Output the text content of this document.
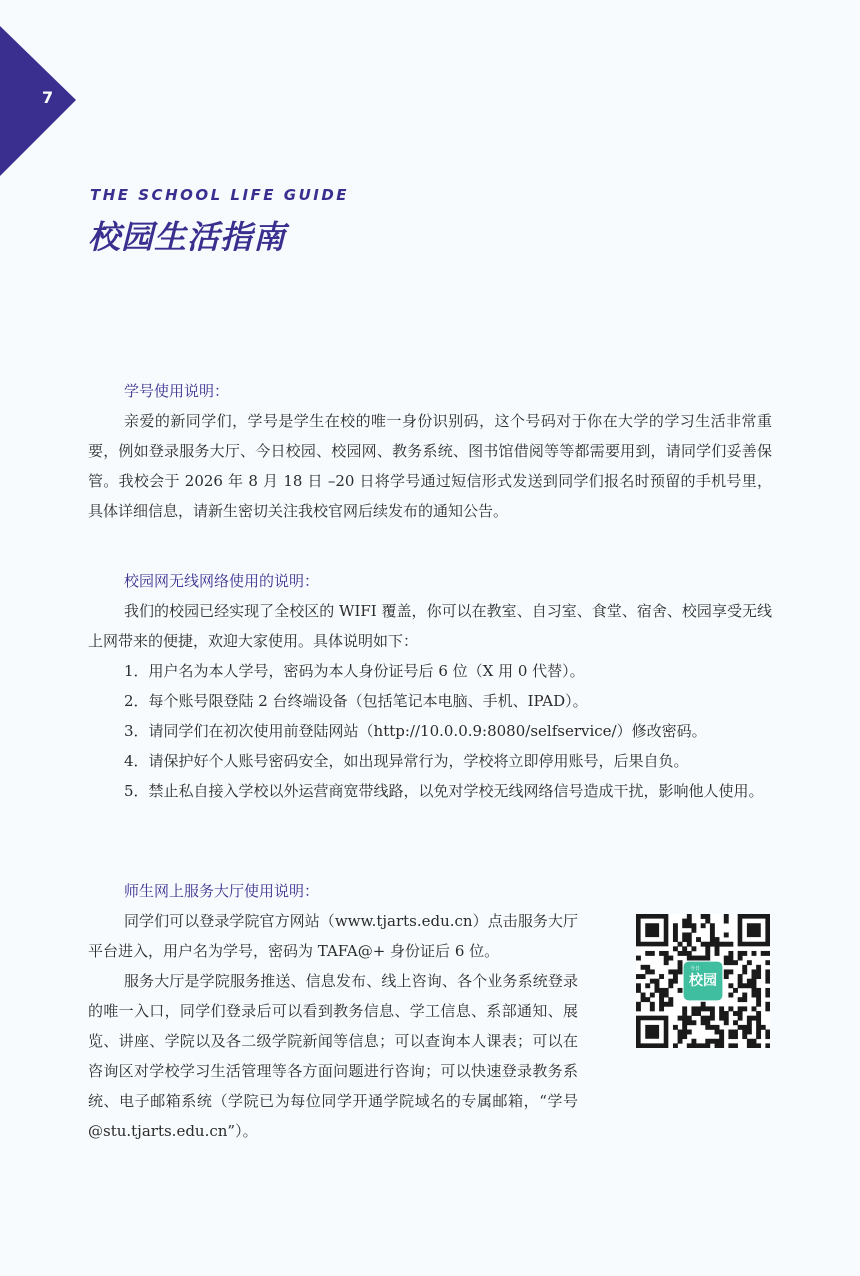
7
THE SCHOOL LIFE GUIDE
校园生活指南
学号使用说明：

亲爱的新同学们，学号是学生在校的唯一身份识别码，这个号码对于你在大学的学习生活非常重要，例如登录服务大厅、今日校园、校园网、教务系统、图书馆借阅等等都需要用到，请同学们妥善保管。我校会于 2026 年 8 月 18 日 –20 日将学号通过短信形式发送到同学们报名时预留的手机号里，具体详细信息，请新生密切关注我校官网后续发布的通知公告。

校园网无线网络使用的说明：

我们的校园已经实现了全校区的 WIFI 覆盖，你可以在教室、自习室、食堂、宿舍、校园享受无线上网带来的便捷，欢迎大家使用。具体说明如下：

1．用户名为本人学号，密码为本人身份证号后 6 位（X 用 0 代替）。

2．每个账号限登陆 2 台终端设备（包括笔记本电脑、手机、IPAD）。

3．请同学们在初次使用前登陆网站（http://10.0.0.9:8080/selfservice/）修改密码。

4．请保护好个人账号密码安全，如出现异常行为，学校将立即停用账号，后果自负。

5．禁止私自接入学校以外运营商宽带线路，以免对学校无线网络信号造成干扰，影响他人使用。

师生网上服务大厅使用说明：

同学们可以登录学院官方网站（www.tjarts.edu.cn）点击服务大厅平台进入，用户名为学号，密码为 TAFA@+ 身份证后 6 位。

服务大厅是学院服务推送、信息发布、线上咨询、各个业务系统登录的唯一入口，同学们登录后可以看到教务信息、学工信息、系部通知、展览、讲座、学院以及各二级学院新闻等信息；可以查询本人课表；可以在咨询区对学校学习生活管理等各方面问题进行咨询；可以快速登录教务系统、电子邮箱系统（学院已为每位同学开通学院域名的专属邮箱，“学号 @stu.tjarts.edu.cn”）。

校园
今日
